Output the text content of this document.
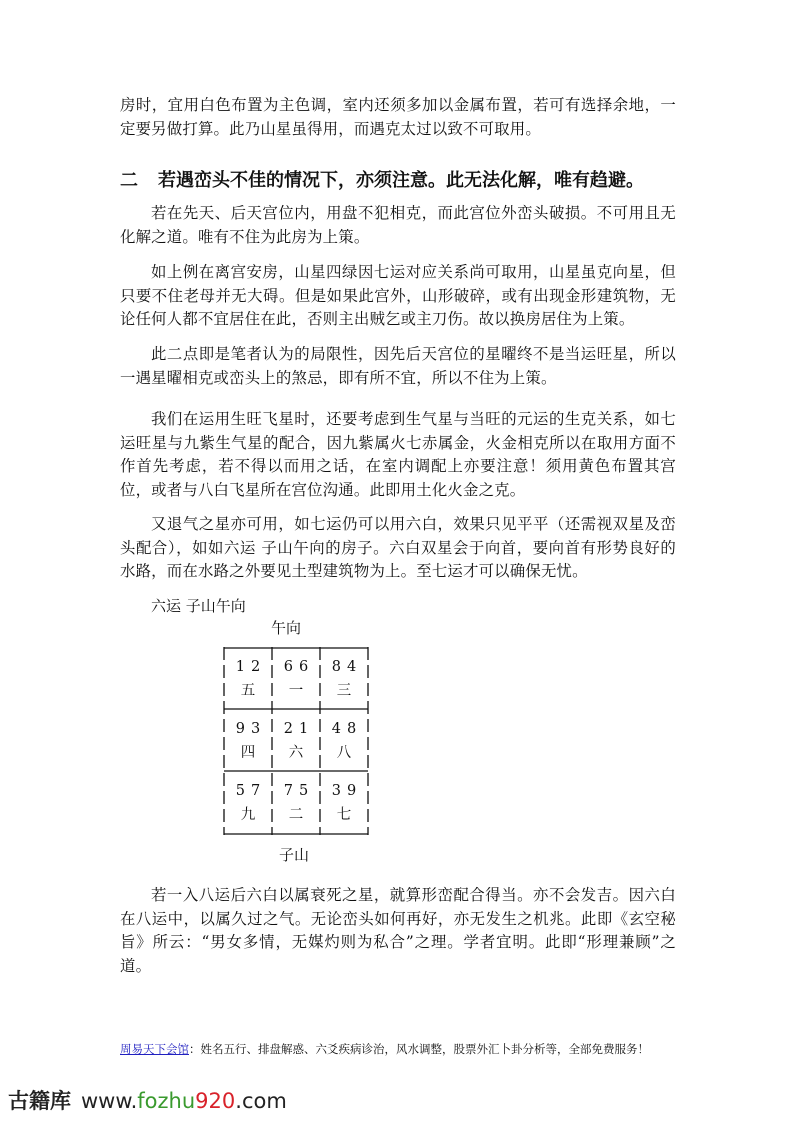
房时，宜用白色布置为主色调，室内还须多加以金属布置，若可有选择余地，一定要另做打算。此乃山星虽得用，而遇克太过以致不可取用。

二 若遇峦头不佳的情况下，亦须注意。此无法化解，唯有趋避。

若在先天、后天宫位内，用盘不犯相克，而此宫位外峦头破损。不可用且无化解之道。唯有不住为此房为上策。

如上例在离宫安房，山星四绿因七运对应关系尚可取用，山星虽克向星，但只要不住老母并无大碍。但是如果此宫外，山形破碎，或有出现金形建筑物，无论任何人都不宜居住在此，否则主出贼乞或主刀伤。故以换房居住为上策。

此二点即是笔者认为的局限性，因先后天宫位的星曜终不是当运旺星，所以一遇星曜相克或峦头上的煞忌，即有所不宜，所以不住为上策。

我们在运用生旺飞星时，还要考虑到生气星与当旺的元运的生克关系，如七运旺星与九紫生气星的配合，因九紫属火七赤属金，火金相克所以在取用方面不作首先考虑，若不得以而用之话，在室内调配上亦要注意！须用黄色布置其宫位，或者与八白飞星所在宫位沟通。此即用土化火金之克。

又退气之星亦可用，如七运仍可以用六白，效果只见平平（还需视双星及峦头配合），如如六运 子山午向的房子。六白双星会于向首，要向首有形势良好的水路，而在水路之外要见土型建筑物为上。至七运才可以确保无忧。

六运 子山午向
午向
12
五
66
一
84
三
93
四
21
六
48
八
57
九
75
二
39
七
子山

若一入八运后六白以属衰死之星，就算形峦配合得当。亦不会发吉。因六白在八运中，以属久过之气。无论峦头如何再好，亦无发生之机兆。此即《玄空秘旨》所云：“男女多情，无媒灼则为私合”之理。学者宜明。此即“形理兼顾”之道。

周易天下会馆：姓名五行、排盘解惑、六爻疾病诊治，风水调整，股票外汇卜卦分析等，全部免费服务！
古籍库 www.fozhu920.com
